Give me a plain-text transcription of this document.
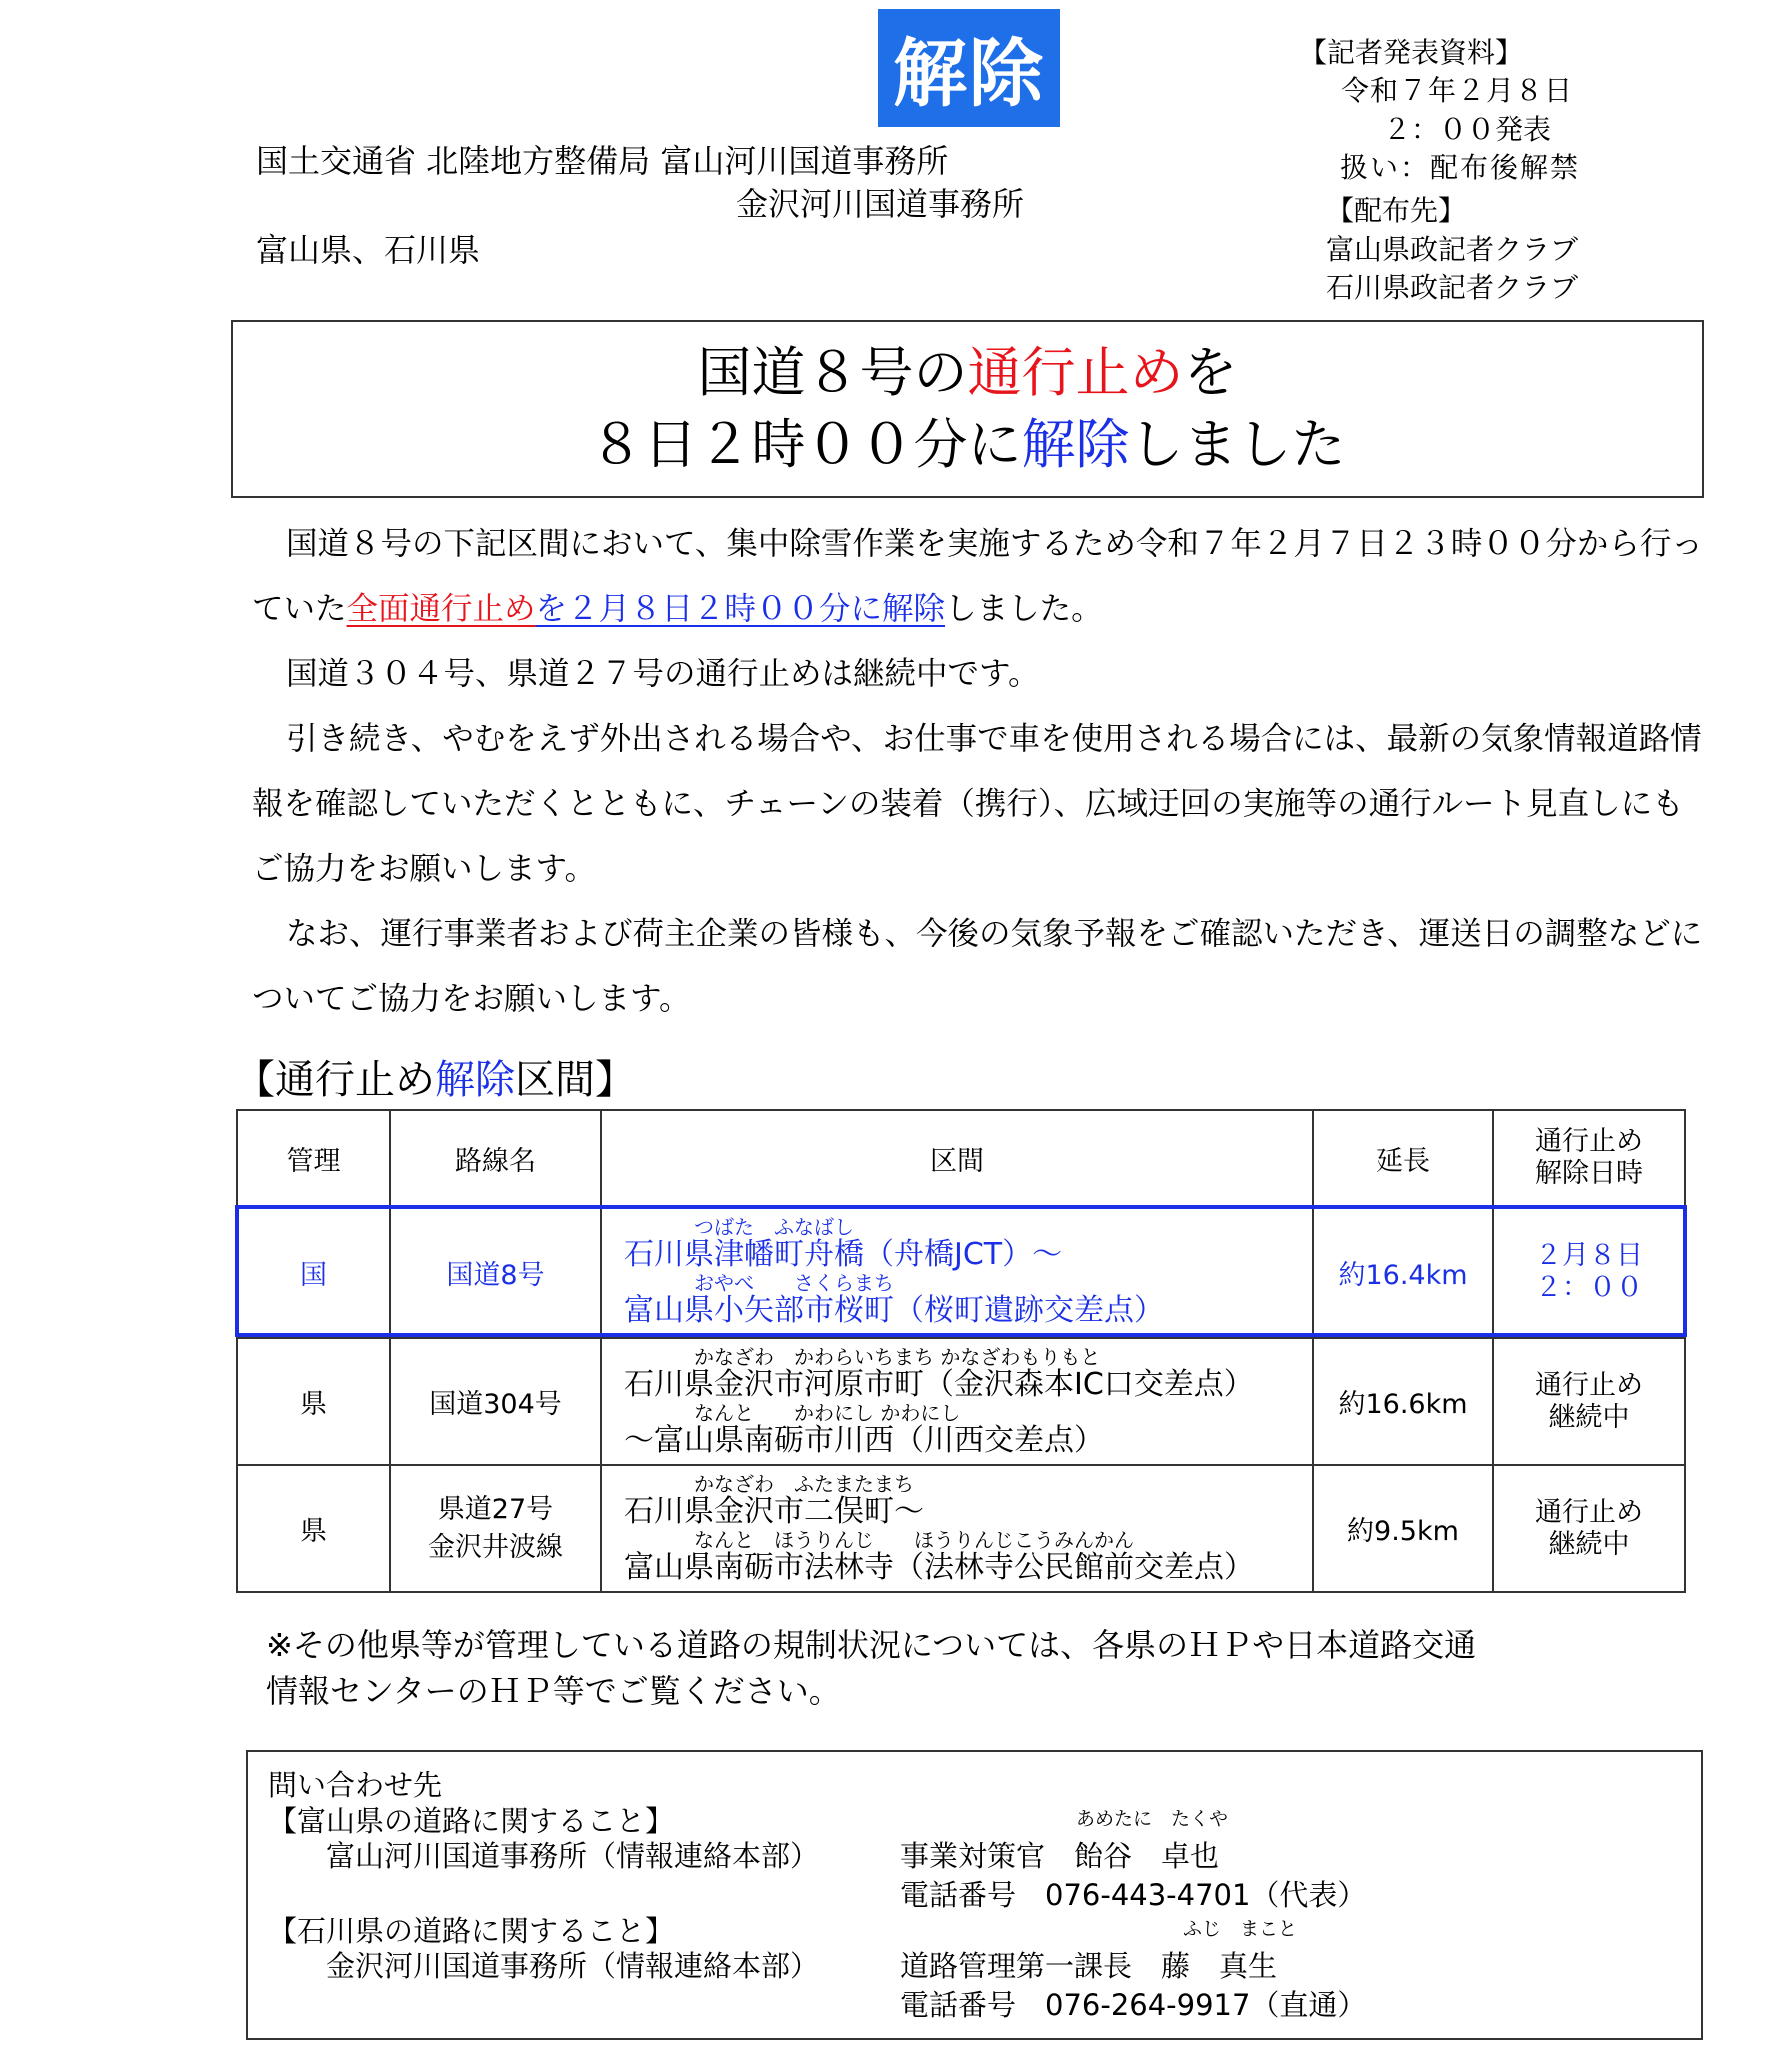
解除
国土交通省 北陸地方整備局 富山河川国道事務所
金沢河川国道事務所
富山県、石川県
【記者発表資料】
令和７年２月８日
２：００発表
扱い：配布後解禁
【配布先】
富山県政記者クラブ
石川県政記者クラブ
国道８号の通行止めを
８日２時００分に解除しました

国道８号の下記区間において、集中除雪作業を実施するため令和７年２月７日２３時００分から行っていた全面通行止めを２月８日２時００分に解除しました。

国道３０４号、県道２７号の通行止めは継続中です。

引き続き、やむをえず外出される場合や、お仕事で車を使用される場合には、最新の気象情報道路情報を確認していただくとともに、チェーンの装着（携行）、広域迂回の実施等の通行ルート見直しにもご協力をお願いします。

なお、運行事業者および荷主企業の皆様も、今後の気象予報をご確認いただき、運送日の調整などについてご協力をお願いします。

【通行止め解除区間】
管理	路線名	区間	延長	通行止め
解除日時
国	国道8号	つばた　ふなばし
石川県津幡町舟橋（舟橋JCT）～
おやべ　　さくらまち
富山県小矢部市桜町（桜町遺跡交差点）	約16.4km	２月８日
２：００
県	国道304号	かなざわ　かわらいちまち かなざわもりもと
石川県金沢市河原市町（金沢森本IC口交差点）
なんと　　かわにし かわにし
～富山県南砺市川西（川西交差点）	約16.6km	通行止め
継続中
県	県道27号
金沢井波線	かなざわ　ふたまたまち
石川県金沢市二俣町～
なんと　ほうりんじ　　ほうりんじこうみんかん
富山県南砺市法林寺（法林寺公民館前交差点）	約9.5km	通行止め
継続中
※その他県等が管理している道路の規制状況については、各県のＨＰや日本道路交通
情報センターのＨＰ等でご覧ください。
問い合わせ先
【富山県の道路に関すること】	あめたに　たくや
富山河川国道事務所（情報連絡本部）	事業対策官　飴谷　卓也
電話番号　076-443-4701（代表）
【石川県の道路に関すること】	ふじ　まこと
金沢河川国道事務所（情報連絡本部）	道路管理第一課長　藤　真生
電話番号　076-264-9917（直通）
